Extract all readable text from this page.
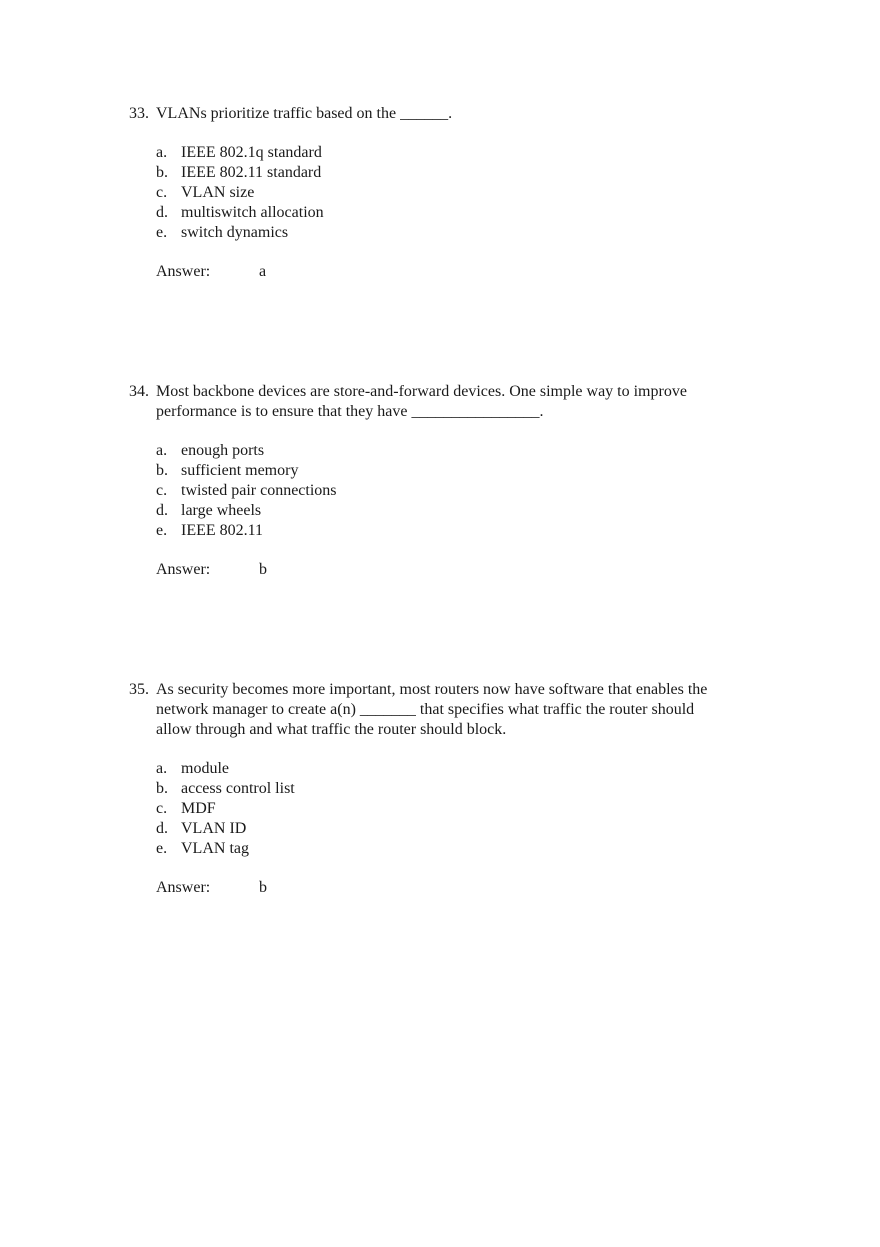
33. VLANs prioritize traffic based on the ______.
a. IEEE 802.1q standard
b. IEEE 802.11 standard
c. VLAN size
d. multiswitch allocation
e. switch dynamics
Answer:	a
34. Most backbone devices are store-and-forward devices. One simple way to improve
performance is to ensure that they have ________________.
a. enough ports
b. sufficient memory
c. twisted pair connections
d. large wheels
e. IEEE 802.11
Answer:	b
35. As security becomes more important, most routers now have software that enables the
network manager to create a(n) _______ that specifies what traffic the router should
allow through and what traffic the router should block.
a. module
b. access control list
c. MDF
d. VLAN ID
e. VLAN tag
Answer:	b
